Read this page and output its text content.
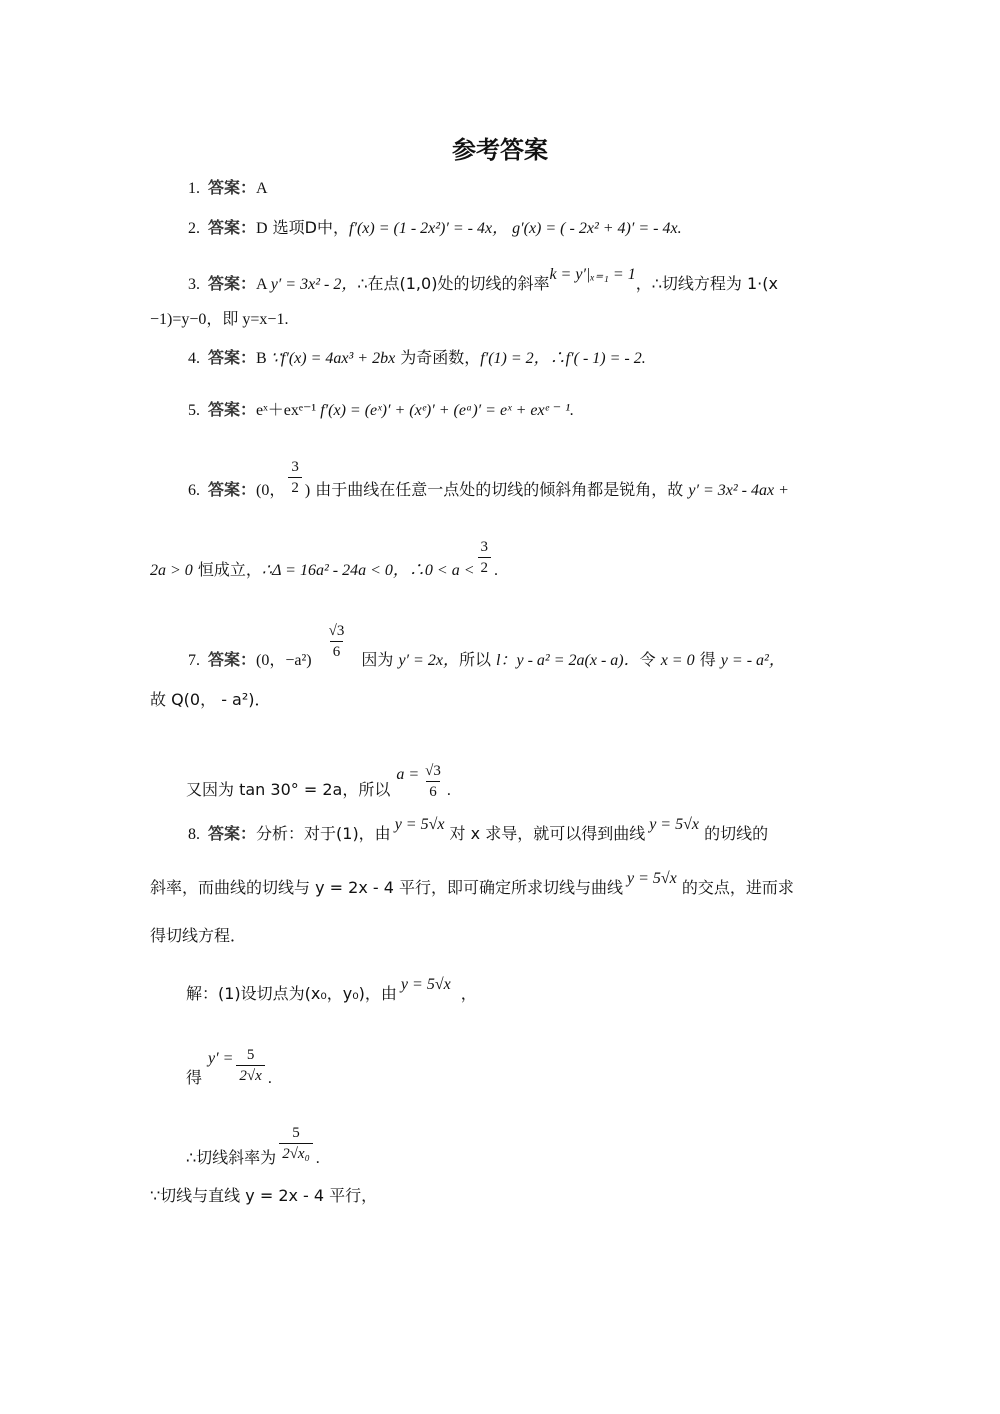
参考答案
1. 答案：A
2. 答案：D 选项D中，f′(x) = (1 - 2x²)′ = - 4x， g′(x) = ( - 2x² + 4)′ = - 4x.
3. 答案：A y′ = 3x² - 2，∴在点(1,0)处的切线的斜率k = y′|ₓ₌₁ = 1，∴切线方程为 1·(x
−1)=y−0，即 y=x−1.
4. 答案：B ∵f′(x) = 4ax³ + 2bx 为奇函数，f′(1) = 2，∴f′( - 1) = - 2.
5. 答案：eˣ＋exᵉ⁻¹ f′(x) = (eˣ)′ + (xᵉ)′ + (eᵃ)′ = eˣ + exᵉ ⁻ ¹.
6. 答案：(0， $\frac{3}{2}$ ) 由于曲线在任意一点处的切线的倾斜角都是锐角，故 y′ = 3x² - 4ax +
2a > 0 恒成立，∴Δ = 16a² - 24a < 0，∴0 < $a < \frac{3}{2}$ .
7. 答案：(0，$-a^2) \frac{√3}{6}$ 因为 y′ = 2x，所以 l：y - a² = 2a(x - a)．令 x = 0 得 y = - a²，
故 Q(0， - a²)．
又因为 tan 30° = 2a，所以$a = \frac{√3}{6}$ .
8. 答案：分析：对于(1)，由 y = 5√x 对 x 求导，就可以得到曲线 y = 5√x 的切线的
斜率，而曲线的切线与 y = 2x - 4 平行，即可确定所求切线与曲线 y = 5√x 的交点，进而求
得切线方程．
解：(1)设切点为(x₀，y₀)，由 y = 5√x，
得$y' = \frac{5}{2√x}$ .
∴切线斜率为 $\frac{5}{\text{2√x₀}}$ .
∵切线与直线 y = 2x - 4 平行，
